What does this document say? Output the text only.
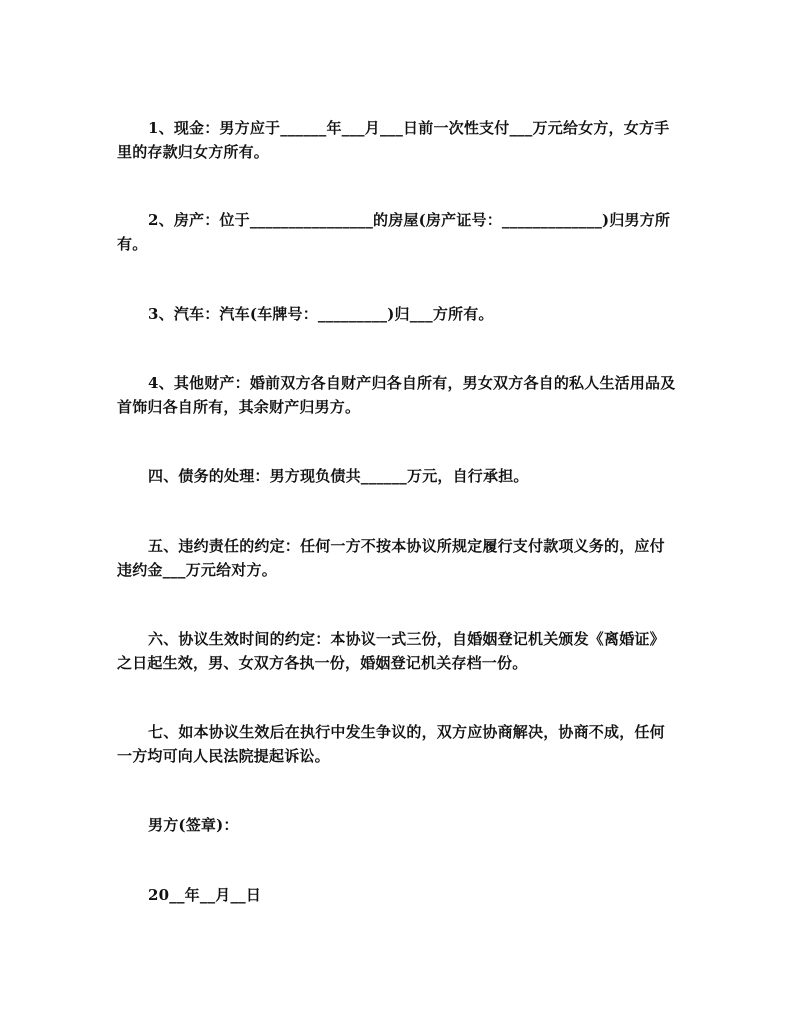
1、现金：男方应于______年___月___日前一次性支付___万元给女方，女方手里的存款归女方所有。

2、房产：位于________________的房屋(房产证号：_____________)归男方所有。

3、汽车：汽车(车牌号：_________)归___方所有。

4、其他财产：婚前双方各自财产归各自所有，男女双方各自的私人生活用品及首饰归各自所有，其余财产归男方。

四、债务的处理：男方现负债共______万元，自行承担。

五、违约责任的约定：任何一方不按本协议所规定履行支付款项义务的，应付违约金___万元给对方。

六、协议生效时间的约定：本协议一式三份，自婚姻登记机关颁发《离婚证》之日起生效，男、女双方各执一份，婚姻登记机关存档一份。

七、如本协议生效后在执行中发生争议的，双方应协商解决，协商不成，任何一方均可向人民法院提起诉讼。

男方(签章)：

20__年__月__日
